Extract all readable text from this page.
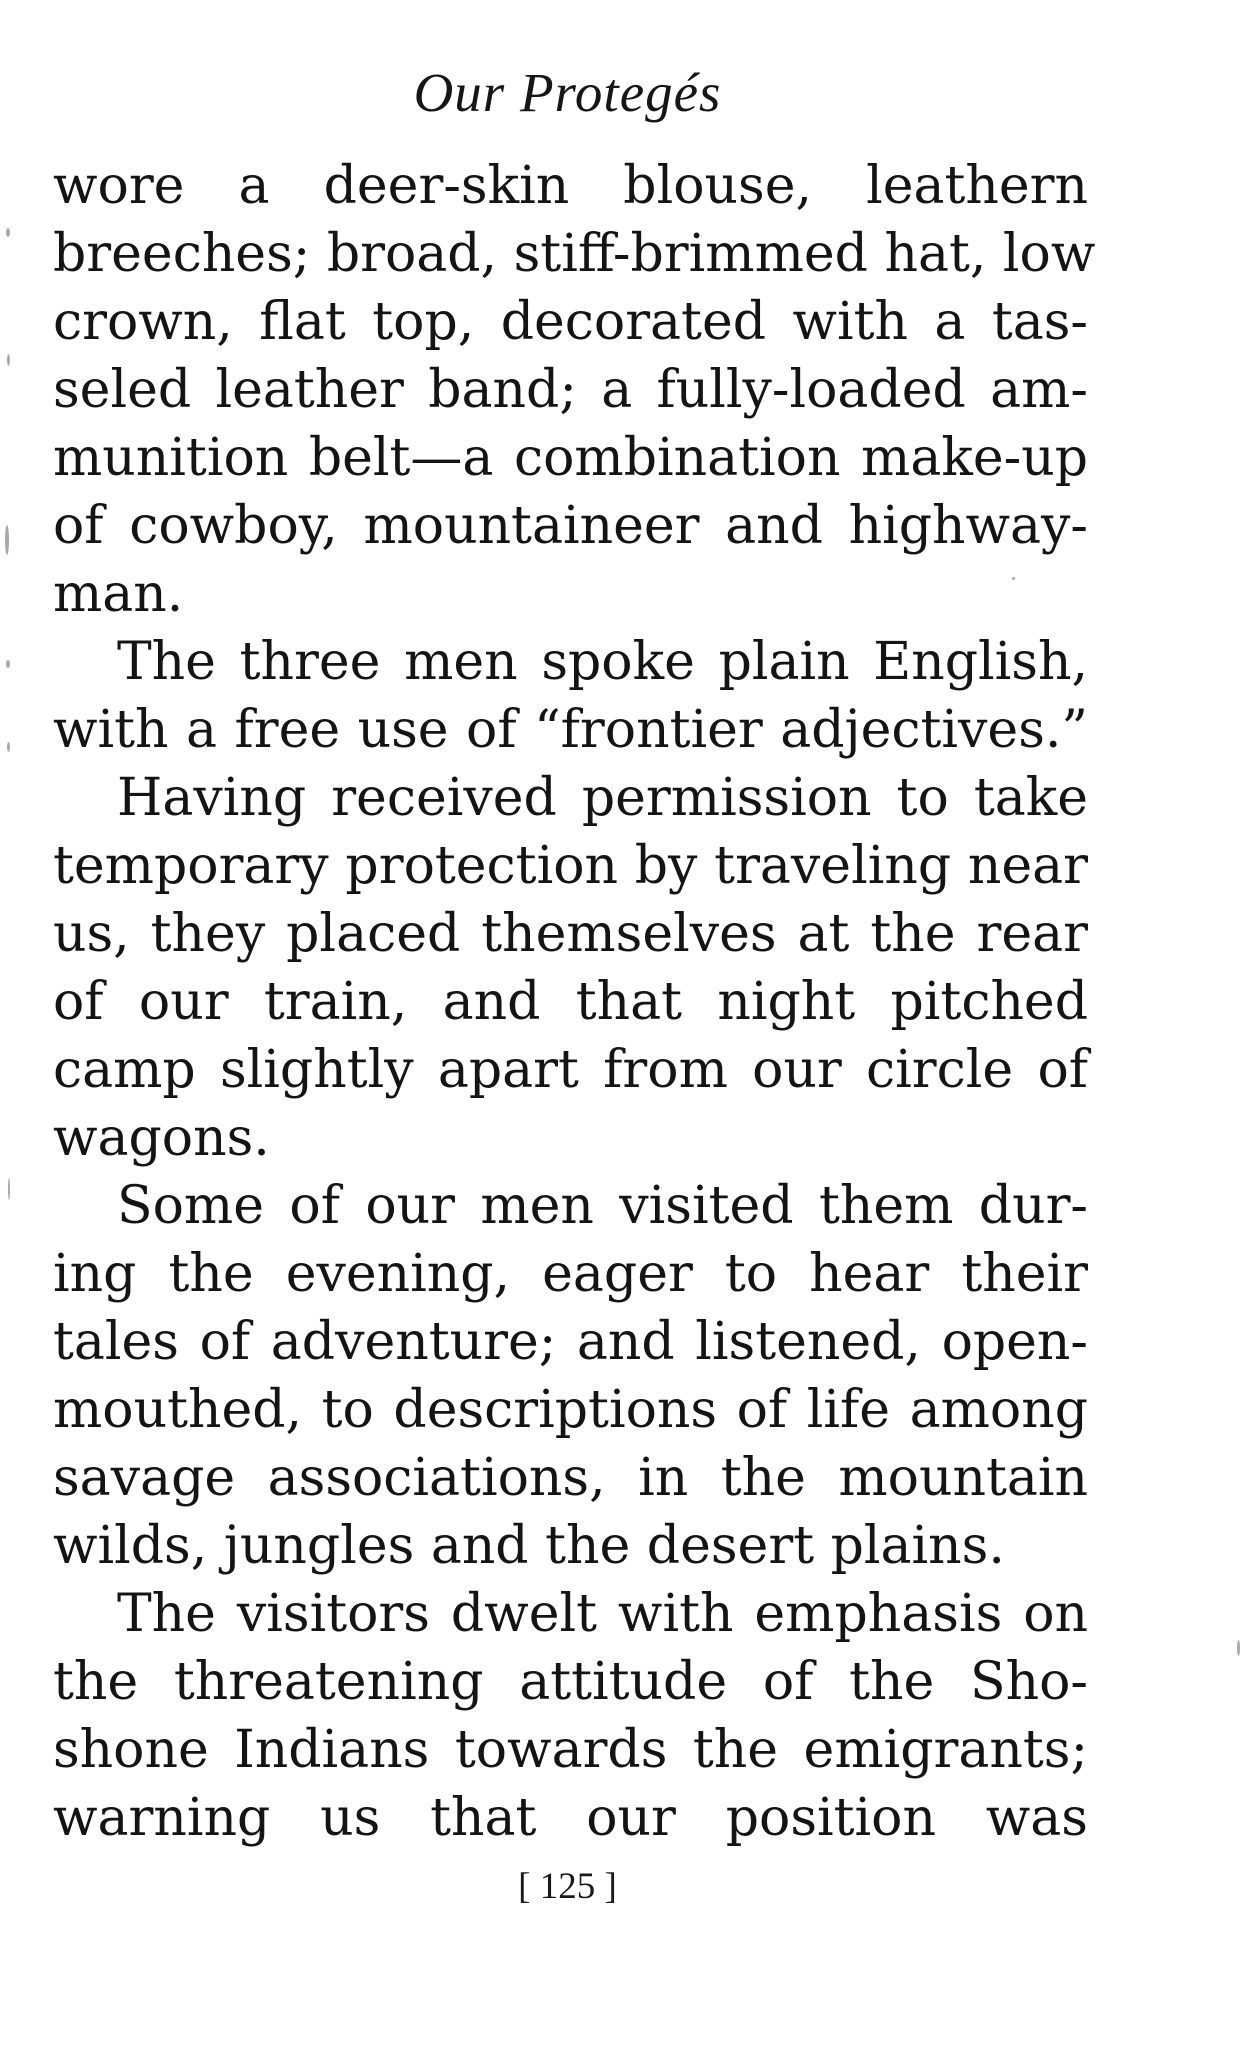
Our Protegés
wore a deer-skin blouse, leathern
breeches; broad, stiff-brimmed hat, low
crown, flat top, decorated with a tas-
seled leather band; a fully-loaded am-
munition belt—a combination make-up
of cowboy, mountaineer and highway-
man.
The three men spoke plain English,
with a free use of “frontier adjectives.”
Having received permission to take
temporary protection by traveling near
us, they placed themselves at the rear
of our train, and that night pitched
camp slightly apart from our circle of
wagons.
Some of our men visited them dur-
ing the evening, eager to hear their
tales of adventure; and listened, open-
mouthed, to descriptions of life among
savage associations, in the mountain
wilds, jungles and the desert plains.
The visitors dwelt with emphasis on
the threatening attitude of the Sho-
shone Indians towards the emigrants;
warning us that our position was
[ 125 ]
